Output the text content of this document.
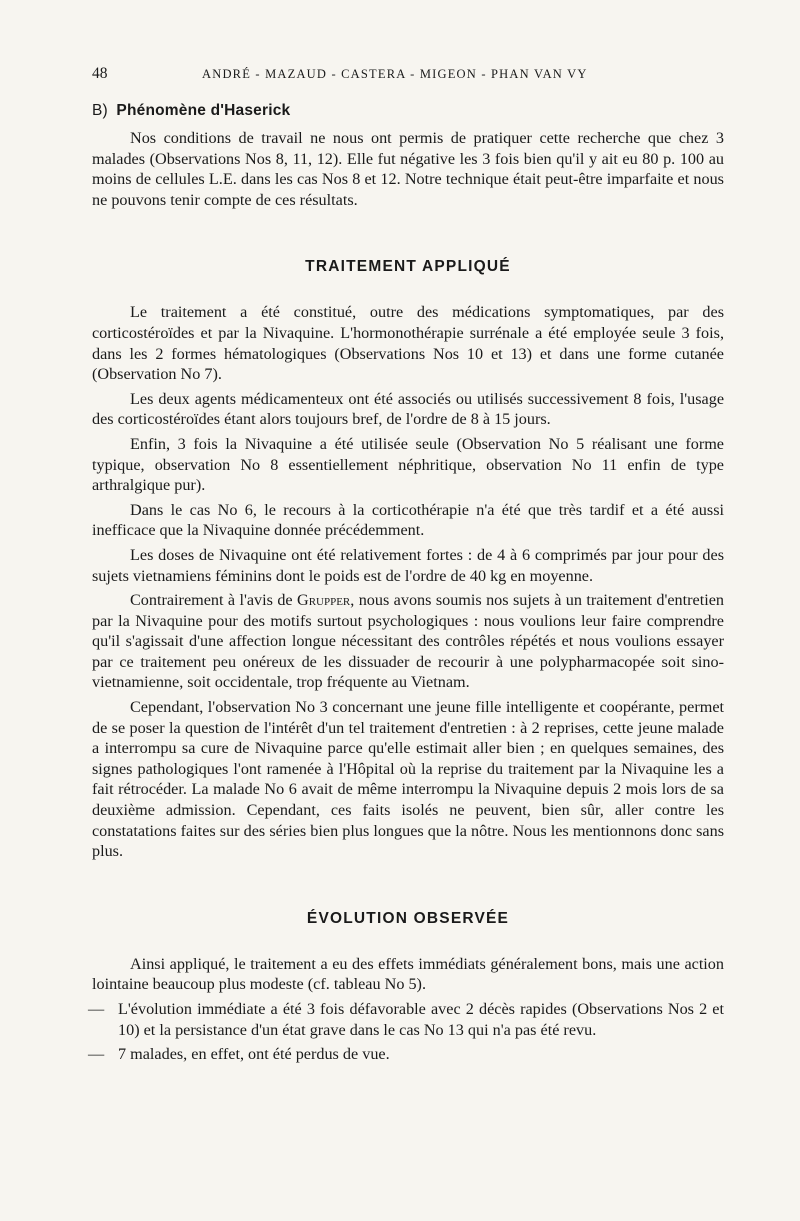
48	ANDRÉ - MAZAUD - CASTERA - MIGEON - PHAN VAN VY
B) Phénomène d'Haserick

Nos conditions de travail ne nous ont permis de pratiquer cette recherche que chez 3 malades (Observations Nos 8, 11, 12). Elle fut négative les 3 fois bien qu'il y ait eu 80 p. 100 au moins de cellules L.E. dans les cas Nos 8 et 12. Notre technique était peut-être imparfaite et nous ne pouvons tenir compte de ces résultats.

TRAITEMENT APPLIQUÉ

Le traitement a été constitué, outre des médications symptomatiques, par des corticostéroïdes et par la Nivaquine. L'hormonothérapie surrénale a été employée seule 3 fois, dans les 2 formes hématologiques (Observations Nos 10 et 13) et dans une forme cutanée (Observation No 7).

Les deux agents médicamenteux ont été associés ou utilisés successivement 8 fois, l'usage des corticostéroïdes étant alors toujours bref, de l'ordre de 8 à 15 jours.

Enfin, 3 fois la Nivaquine a été utilisée seule (Observation No 5 réalisant une forme typique, observation No 8 essentiellement néphritique, observation No 11 enfin de type arthralgique pur).

Dans le cas No 6, le recours à la corticothérapie n'a été que très tardif et a été aussi inefficace que la Nivaquine donnée précédemment.

Les doses de Nivaquine ont été relativement fortes : de 4 à 6 comprimés par jour pour des sujets vietnamiens féminins dont le poids est de l'ordre de 40 kg en moyenne.

Contrairement à l'avis de Grupper, nous avons soumis nos sujets à un traitement d'entretien par la Nivaquine pour des motifs surtout psychologiques : nous voulions leur faire comprendre qu'il s'agissait d'une affection longue nécessitant des contrôles répétés et nous voulions essayer par ce traitement peu onéreux de les dissuader de recourir à une polypharmacopée soit sino-vietnamienne, soit occidentale, trop fréquente au Vietnam.

Cependant, l'observation No 3 concernant une jeune fille intelligente et coopérante, permet de se poser la question de l'intérêt d'un tel traitement d'entretien : à 2 reprises, cette jeune malade a interrompu sa cure de Nivaquine parce qu'elle estimait aller bien ; en quelques semaines, des signes pathologiques l'ont ramenée à l'Hôpital où la reprise du traitement par la Nivaquine les a fait rétrocéder. La malade No 6 avait de même interrompu la Nivaquine depuis 2 mois lors de sa deuxième admission. Cependant, ces faits isolés ne peuvent, bien sûr, aller contre les constatations faites sur des séries bien plus longues que la nôtre. Nous les mentionnons donc sans plus.

ÉVOLUTION OBSERVÉE

Ainsi appliqué, le traitement a eu des effets immédiats généralement bons, mais une action lointaine beaucoup plus modeste (cf. tableau No 5).

— L'évolution immédiate a été 3 fois défavorable avec 2 décès rapides (Observations Nos 2 et 10) et la persistance d'un état grave dans le cas No 13 qui n'a pas été revu.
— 7 malades, en effet, ont été perdus de vue.
